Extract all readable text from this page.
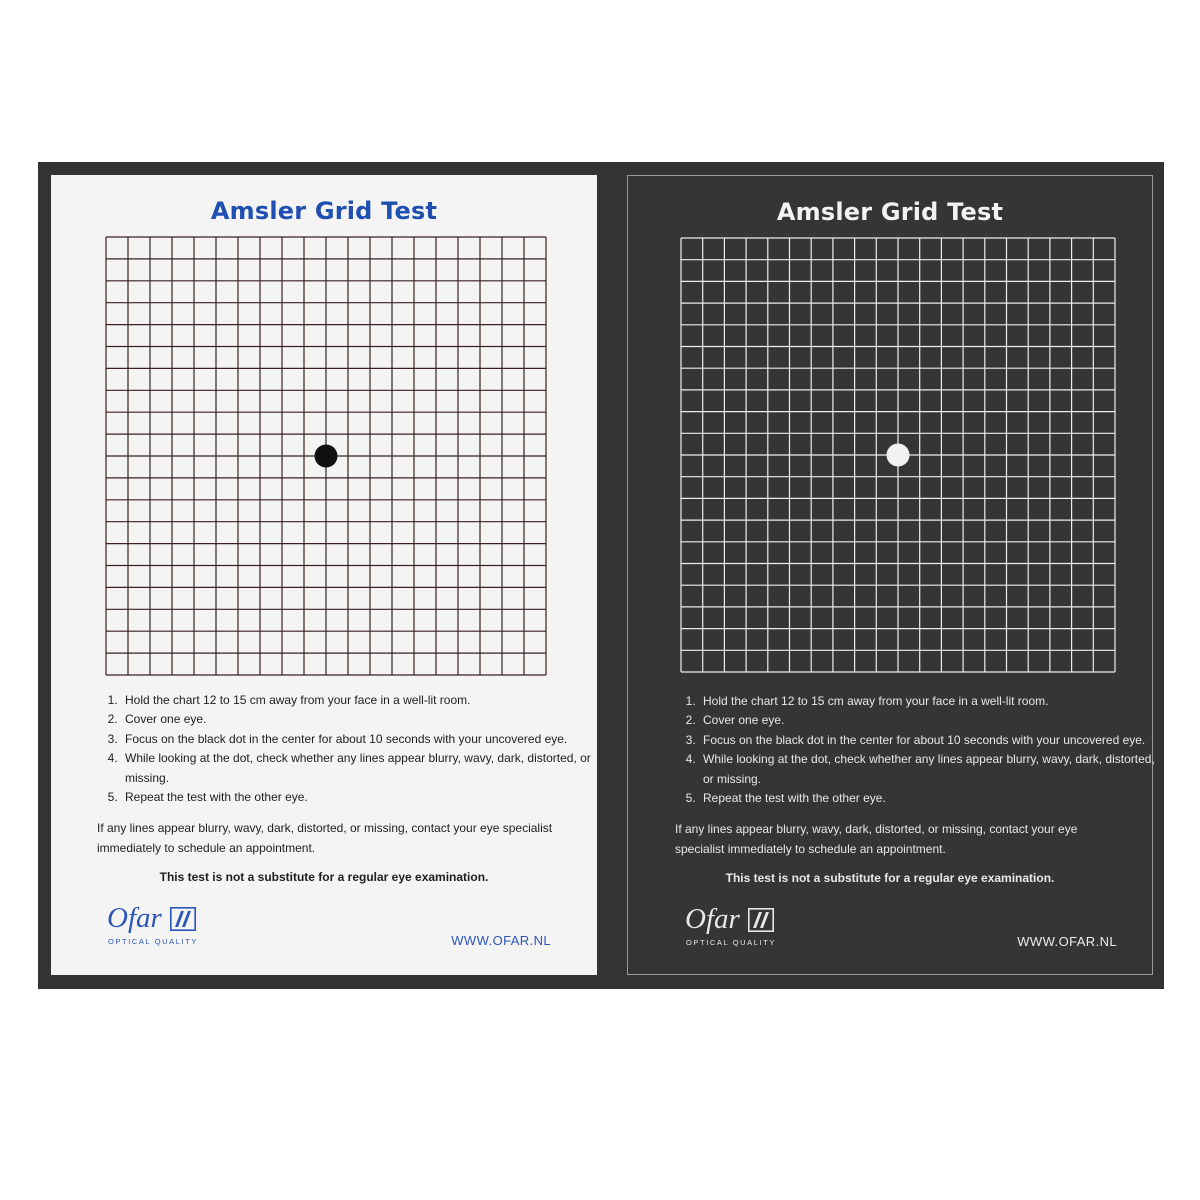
Amsler Grid Test
1. Hold the chart 12 to 15 cm away from your face in a well-lit room.
2. Cover one eye.
3. Focus on the black dot in the center for about 10 seconds with your uncovered eye.
4. While looking at the dot, check whether any lines appear blurry, wavy, dark, distorted, or missing.
5. Repeat the test with the other eye.

If any lines appear blurry, wavy, dark, distorted, or missing, contact your eye specialist immediately to schedule an appointment.

This test is not a substitute for a regular eye examination.
Ofar
OPTICAL QUALITY	WWW.OFAR.NL
Amsler Grid Test
1. Hold the chart 12 to 15 cm away from your face in a well-lit room.
2. Cover one eye.
3. Focus on the black dot in the center for about 10 seconds with your uncovered eye.
4. While looking at the dot, check whether any lines appear blurry, wavy, dark, distorted, or missing.
5. Repeat the test with the other eye.

If any lines appear blurry, wavy, dark, distorted, or missing, contact your eye specialist immediately to schedule an appointment.

This test is not a substitute for a regular eye examination.
Ofar
OPTICAL QUALITY	WWW.OFAR.NL
